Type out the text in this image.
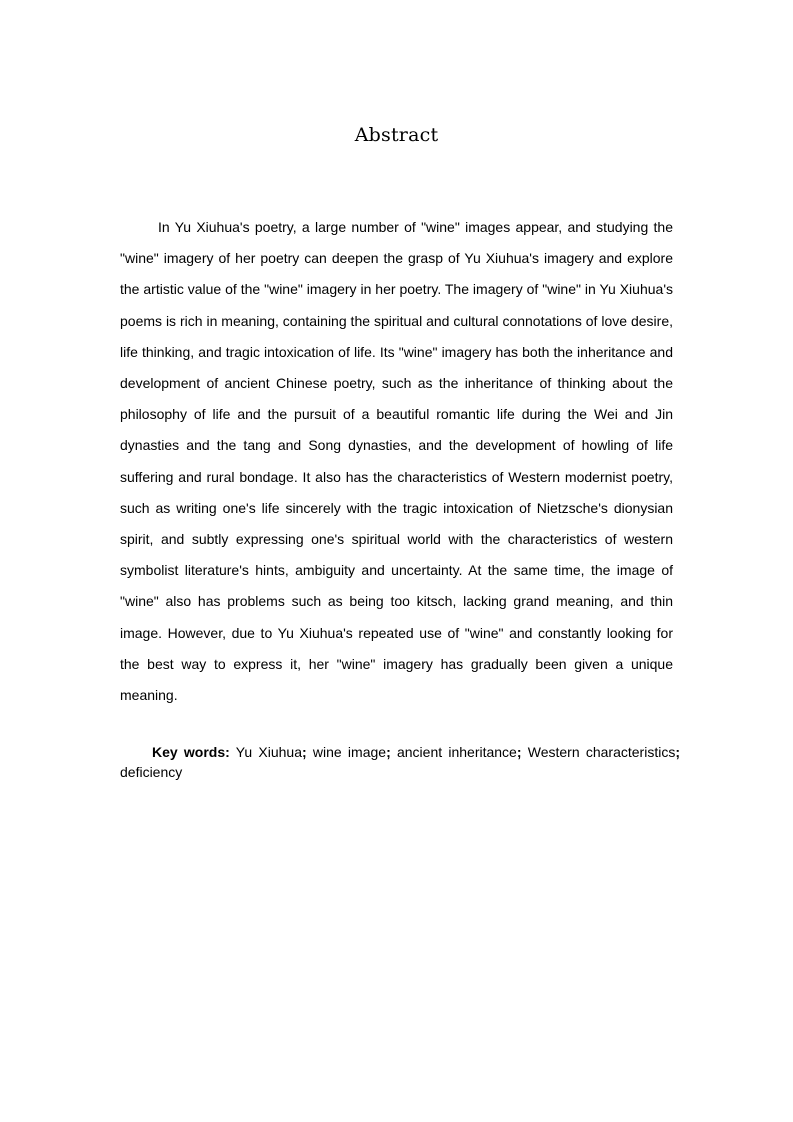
Abstract

In Yu Xiuhua's poetry, a large number of "wine" images appear, and studying the "wine" imagery of her poetry can deepen the grasp of Yu Xiuhua's imagery and explore the artistic value of the "wine" imagery in her poetry. The imagery of "wine" in Yu Xiuhua's poems is rich in meaning, containing the spiritual and cultural connotations of love desire, life thinking, and tragic intoxication of life. Its "wine" imagery has both the inheritance and development of ancient Chinese poetry, such as the inheritance of thinking about the philosophy of life and the pursuit of a beautiful romantic life during the Wei and Jin dynasties and the tang and Song dynasties, and the development of howling of life suffering and rural bondage. It also has the characteristics of Western modernist poetry, such as writing one's life sincerely with the tragic intoxication of Nietzsche's dionysian spirit, and subtly expressing one's spiritual world with the characteristics of western symbolist literature's hints, ambiguity and uncertainty. At the same time, the image of "wine" also has problems such as being too kitsch, lacking grand meaning, and thin image. However, due to Yu Xiuhua's repeated use of "wine" and constantly looking for the best way to express it, her "wine" imagery has gradually been given a unique meaning.

Key words: Yu Xiuhua; wine image; ancient inheritance; Western characteristics; deficiency
